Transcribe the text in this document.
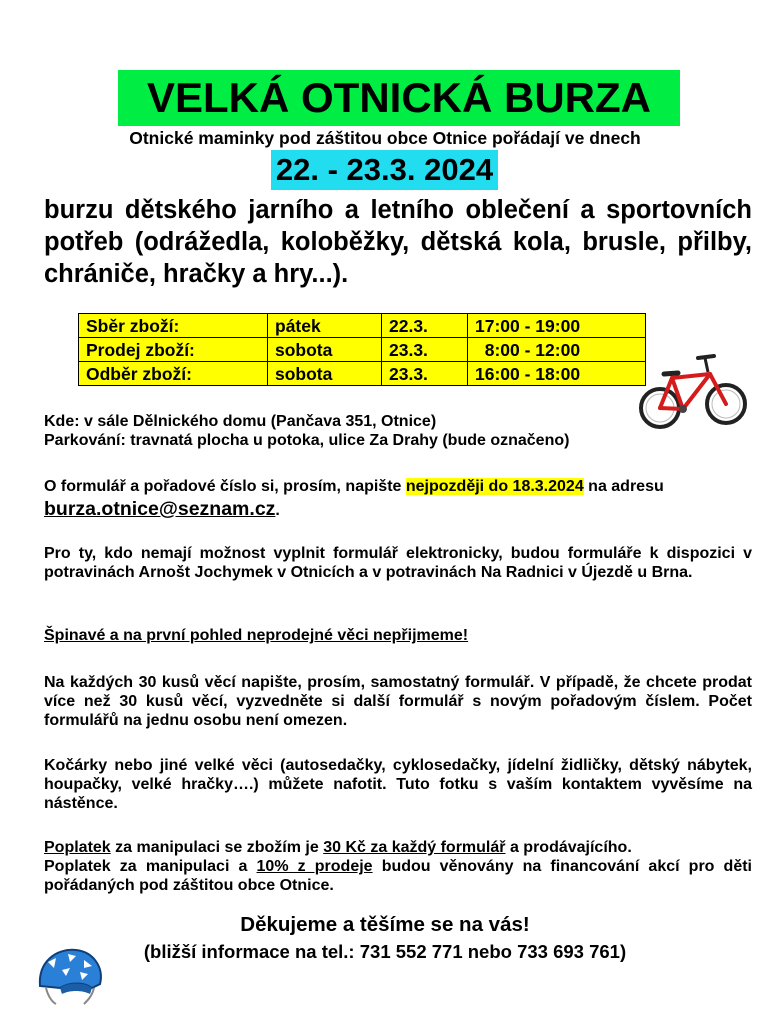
VELKÁ OTNICKÁ BURZA
Otnické maminky pod záštitou obce Otnice pořádají ve dnech
22. - 23.3. 2024
burzu dětského jarního a letního oblečení a sportovních potřeb (odrážedla, koloběžky, dětská kola, brusle, přilby, chrániče, hračky a hry...).
Sběr zboží:	pátek	22.3.	17:00 - 19:00
Prodej zboží:	sobota	23.3.	8:00 - 12:00
Odběr zboží:	sobota	23.3.	16:00 - 18:00
Kde: v sále Dělnického domu (Pančava 351, Otnice)
Parkování: travnatá plocha u potoka, ulice Za Drahy (bude označeno)
O formulář a pořadové číslo si, prosím, napište nejpozději do 18.3.2024 na adresu
burza.otnice@seznam.cz.
Pro ty, kdo nemají možnost vyplnit formulář elektronicky, budou formuláře k dispozici v potravinách Arnošt Jochymek v Otnicích a v potravinách Na Radnici v Újezdě u Brna.
Špinavé a na první pohled neprodejné věci nepřijmeme!
Na každých 30 kusů věcí napište, prosím, samostatný formulář. V případě, že chcete prodat více než 30 kusů věcí, vyzvedněte si další formulář s novým pořadovým číslem. Počet formulářů na jednu osobu není omezen.
Kočárky nebo jiné velké věci (autosedačky, cyklosedačky, jídelní židličky, dětský nábytek, houpačky, velké hračky….) můžete nafotit. Tuto fotku s vaším kontaktem vyvěsíme na nástěnce.
Poplatek za manipulaci se zbožím je 30 Kč za každý formulář a prodávajícího.
Poplatek za manipulaci a 10% z prodeje budou věnovány na financování akcí pro děti pořádaných pod záštitou obce Otnice.
Děkujeme a těšíme se na vás!
(bližší informace na tel.: 731 552 771 nebo 733 693 761)
